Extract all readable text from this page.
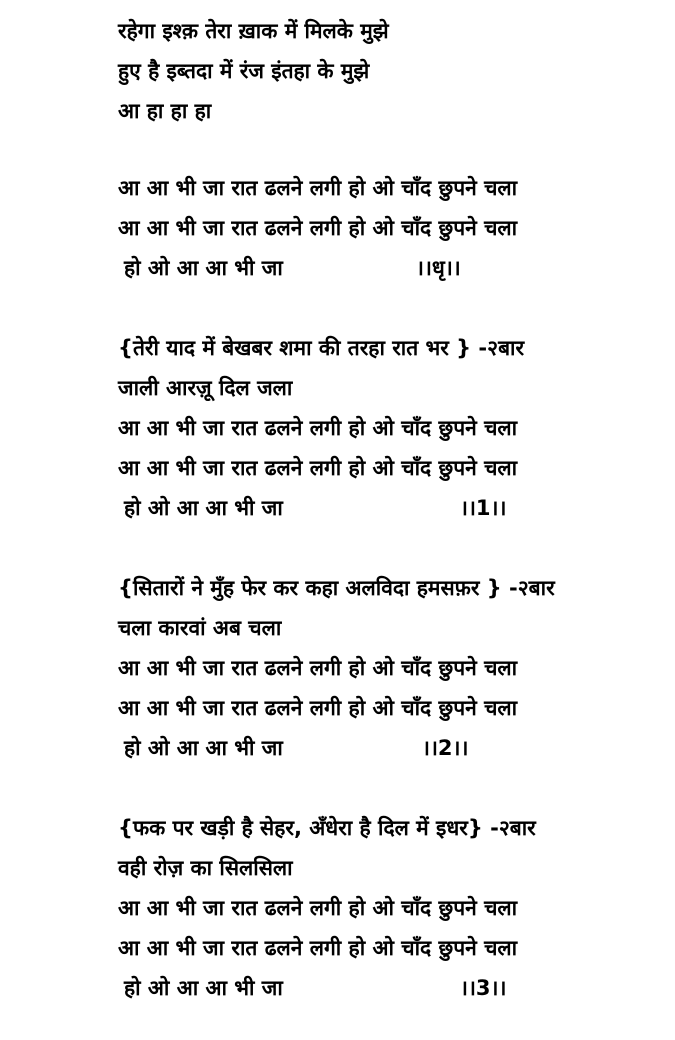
रहेगा इश्क़ तेरा ख़ाक में मिलके मुझे
हुए है इब्तदा में रंज इंतहा के मुझे
आ हा हा हा
आ आ भी जा रात ढलने लगी हो ओ चाँद छुपने चला
आ आ भी जा रात ढलने लगी हो ओ चाँद छुपने चला
हो ओ आ आ भी जा	।।धृ।।
{तेरी याद में बेखबर शमा की तरहा रात भर } -२बार
जाली आरज़ू दिल जला
आ आ भी जा रात ढलने लगी हो ओ चाँद छुपने चला
आ आ भी जा रात ढलने लगी हो ओ चाँद छुपने चला
हो ओ आ आ भी जा	।।1।।
{सितारों ने मुँह फेर कर कहा अलविदा हमसफ़र } -२बार
चला कारवां अब चला
आ आ भी जा रात ढलने लगी हो ओ चाँद छुपने चला
आ आ भी जा रात ढलने लगी हो ओ चाँद छुपने चला
हो ओ आ आ भी जा	।।2।।
{फक पर खड़ी है सेहर, अँधेरा है दिल में इधर} -२बार
वही रोज़ का सिलसिला
आ आ भी जा रात ढलने लगी हो ओ चाँद छुपने चला
आ आ भी जा रात ढलने लगी हो ओ चाँद छुपने चला
हो ओ आ आ भी जा	।।3।।
